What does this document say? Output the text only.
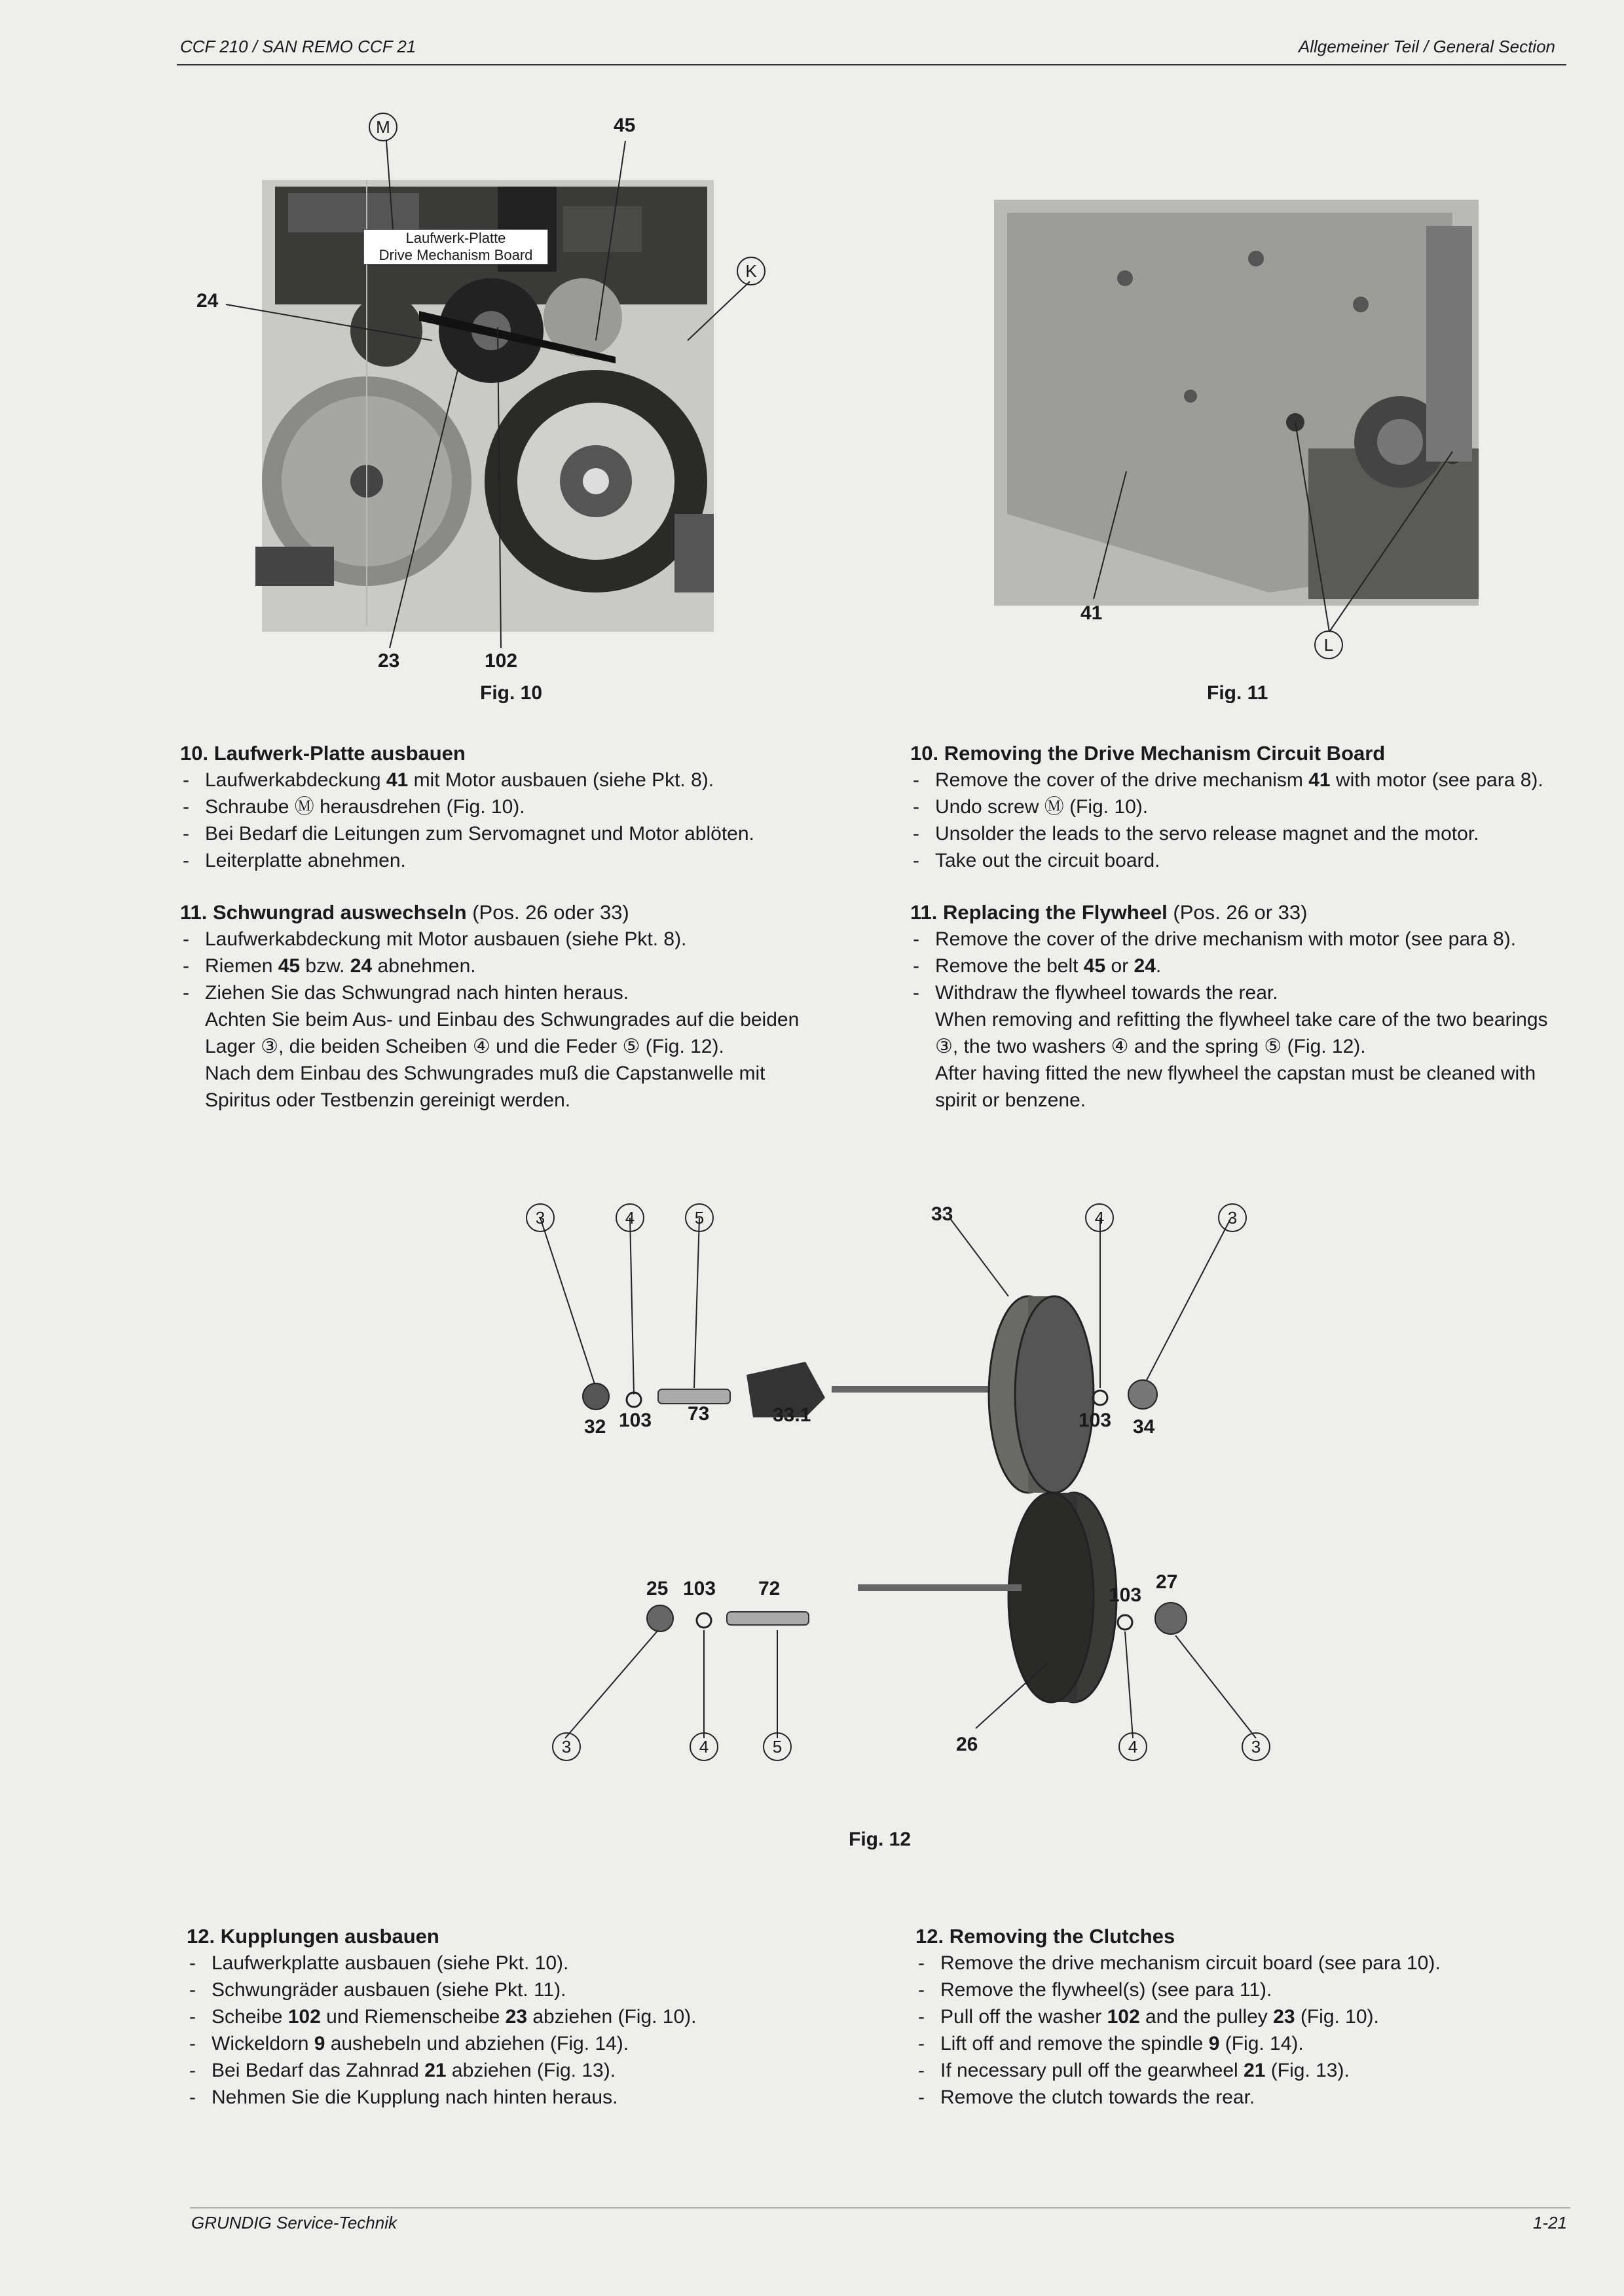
CCF 210 / SAN REMO CCF 21	Allgemeiner Teil / General Section
Laufwerk-Platte
Drive Mechanism Board
M	45
K
24
23	102
Fig. 10
41
L
Fig. 11
10. Laufwerk-Platte ausbauen
- Laufwerkabdeckung 41 mit Motor ausbauen (siehe Pkt. 8).
- Schraube Ⓜ herausdrehen (Fig. 10).
- Bei Bedarf die Leitungen zum Servomagnet und Motor ablöten.
- Leiterplatte abnehmen.
10. Removing the Drive Mechanism Circuit Board
- Remove the cover of the drive mechanism 41 with motor (see para 8).
- Undo screw Ⓜ (Fig. 10).
- Unsolder the leads to the servo release magnet and the motor.
- Take out the circuit board.
11. Schwungrad auswechseln (Pos. 26 oder 33)
- Laufwerkabdeckung mit Motor ausbauen (siehe Pkt. 8).
- Riemen 45 bzw. 24 abnehmen.
- Ziehen Sie das Schwungrad nach hinten heraus.
Achten Sie beim Aus- und Einbau des Schwungrades auf die beiden Lager ③, die beiden Scheiben ④ und die Feder ⑤ (Fig. 12).
Nach dem Einbau des Schwungrades muß die Capstanwelle mit Spiritus oder Testbenzin gereinigt werden.
11. Replacing the Flywheel (Pos. 26 or 33)
- Remove the cover of the drive mechanism with motor (see para 8).
- Remove the belt 45 or 24.
- Withdraw the flywheel towards the rear.
When removing and refitting the flywheel take care of the two bearings ③, the two washers ④ and the spring ⑤ (Fig. 12).
After having fitted the new flywheel the capstan must be cleaned with spirit or benzene.
3	4	5
32 103 73	33.1
33	4	3
103 34
25 103 72
3	4	5
103
27
26	4	3
Fig. 12
12. Kupplungen ausbauen
- Laufwerkplatte ausbauen (siehe Pkt. 10).
- Schwungräder ausbauen (siehe Pkt. 11).
- Scheibe 102 und Riemenscheibe 23 abziehen (Fig. 10).
- Wickeldorn 9 aushebeln und abziehen (Fig. 14).
- Bei Bedarf das Zahnrad 21 abziehen (Fig. 13).
- Nehmen Sie die Kupplung nach hinten heraus.
12. Removing the Clutches
- Remove the drive mechanism circuit board (see para 10).
- Remove the flywheel(s) (see para 11).
- Pull off the washer 102 and the pulley 23 (Fig. 10).
- Lift off and remove the spindle 9 (Fig. 14).
- If necessary pull off the gearwheel 21 (Fig. 13).
- Remove the clutch towards the rear.
GRUNDIG Service-Technik	1-21
